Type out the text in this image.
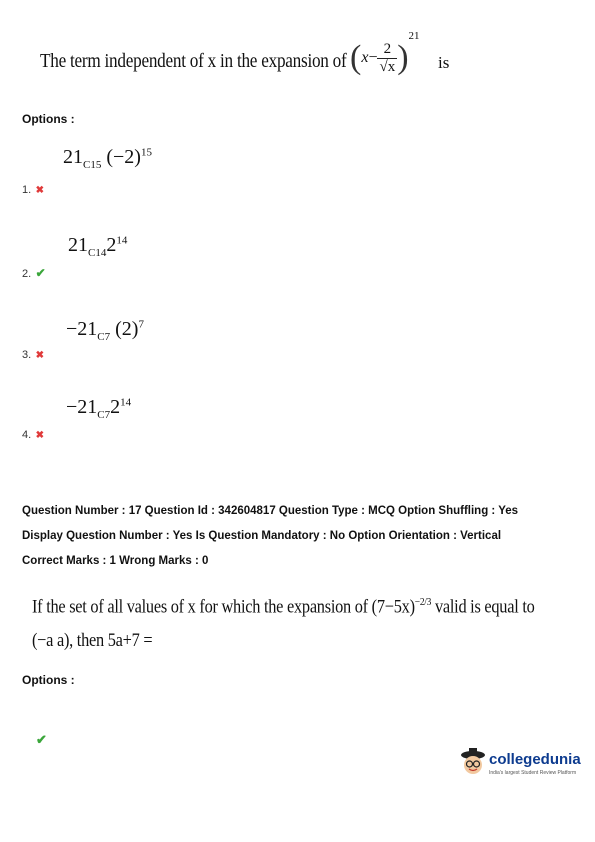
The term independent of x in the expansion of ( $x - \frac{2}{√x}$ )
21
is
Options :
$21_{C15}$ $(-2)^{15}$
1. ✖
$21_{C14}2^{14}$
2. ✔
$-21_{C7}$ $(2)^7$
3. ✖
$-21_{C7}2^{14}$
4. ✖
Question Number : 17 Question Id : 342604817 Question Type : MCQ Option Shuffling : Yes
Display Question Number : Yes Is Question Mandatory : No Option Orientation : Vertical
Correct Marks : 1 Wrong Marks : 0
If the set of all values of x for which the expansion of $(7-5x)^{-2/3}$ valid is equal to
(−a a), then 5a+7 =
Options :
✔
collegedunia
India's largest Student Review Platform
